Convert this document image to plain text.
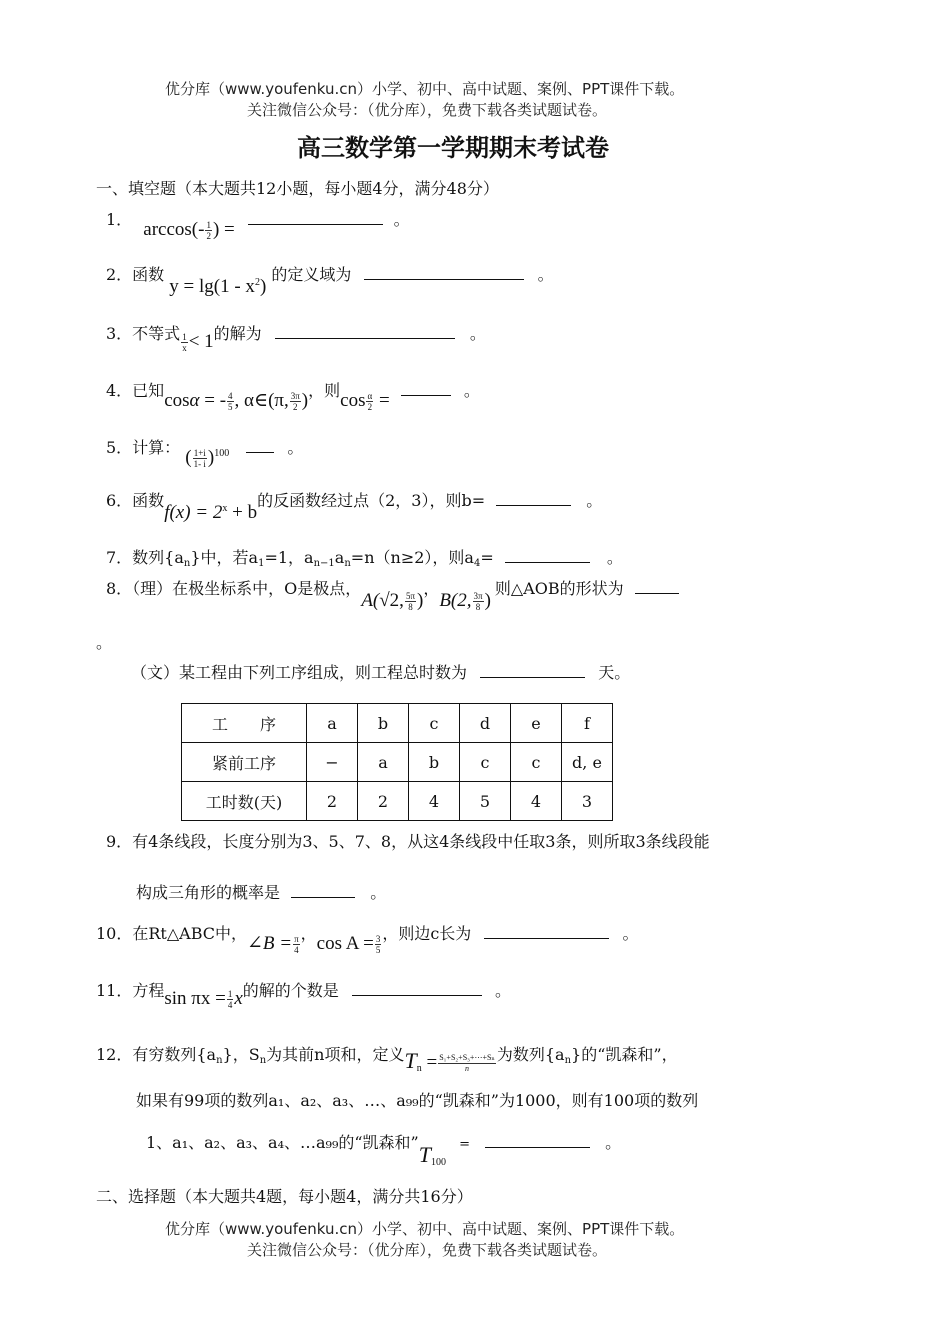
优分库（www.youfenku.cn）小学、初中、高中试题、案例、PPT课件下载。
关注微信公众号：（优分库），免费下载各类试题试卷。
高三数学第一学期期末考试卷
一、填空题（本大题共12小题，每小题4分，满分48分）
1． $\arccos(- \frac{1}{2}$ ) =	。
2．函数 $y = \lg(1 - x^2)$ 的定义域为	。
3．不等式 $\frac{1}{x} < 1$的解为	。
4．已知cosα = - $\frac{4}{5}$ , α∈(π, $\frac{3\pi}{2}$ )，则$\cos \frac{\alpha}{2}$ =	。
5．计算： ( $\frac{1+i}{1- i} )^{100}$	。
6．函数$f(x) = 2^x + b$的反函数经过点（2，3），则b=	。
7．数列$\{a_n\}$中，若$a_1=1$，$a_{n-1}a_n=n(n\ge 2)$，则$a_4=$	。
8．（理）在极坐标系中，O是极点，A(√2, $\frac{5\pi}{8}$ )，B(2, $\frac{3\pi}{8}$ )则△AOB的形状为
。
（文）某工程由下列工序组成，则工程总时数为	天。
工　　序	a	b	c	d	e	f
紧前工序	−	a	b	c	c	d, e
工时数(天)	2	2	4	5	4	3
9．有4条线段，长度分别为3、5、7、8，从这4条线段中任取3条，则所取3条线段能
构成三角形的概率是	。
10．在Rt△ABC中，∠B = $\frac{\pi}{4}$
，$\cos A = \frac{3}{5}$
，则边c长为	。
11．方程$\sin \pi x = \frac{1}{4}$ x的解的个数是	。
12．有穷数列$\{a_n\}$，$S_n$为其前n项和，定义$T_n = \frac{\text{S₁+S₂+S₃+⋯+Sₙ}}{n}$ 为数列$\{a_n\}$的“凯森和”，
如果有99项的数列a₁、a₂、a₃、…、a₉₉的“凯森和”为1000，则有100项的数列
1、a₁、a₂、a₃、a₄、…a₉₉的“凯森和$”T_{100}$ =	。
二、选择题（本大题共4题，每小题4，满分共16分）
优分库（www.youfenku.cn）小学、初中、高中试题、案例、PPT课件下载。
关注微信公众号：（优分库），免费下载各类试题试卷。
